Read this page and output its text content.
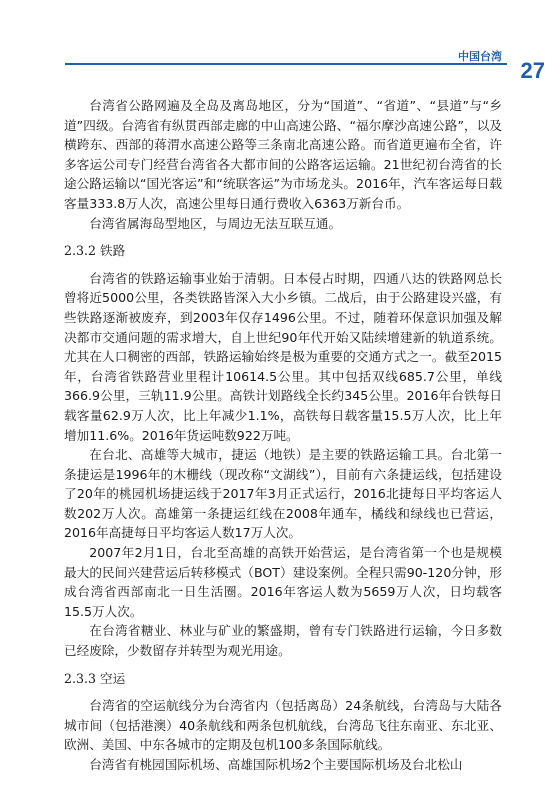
中国台湾
27

台湾省公路网遍及全岛及离岛地区，分为“国道”、“省道”、“县道”与“乡道”四级。台湾省有纵贯西部走廊的中山高速公路、“福尔摩沙高速公路”，以及横跨东、西部的蒋渭水高速公路等三条南北高速公路。而省道更遍布全省，许多客运公司专门经营台湾省各大都市间的公路客运运输。21世纪初台湾省的长途公路运输以“国光客运”和“统联客运”为市场龙头。2016年，汽车客运每日载客量333.8万人次，高速公里每日通行费收入6363万新台币。

台湾省属海岛型地区，与周边无法互联互通。

2.3.2 铁路

台湾省的铁路运输事业始于清朝。日本侵占时期，四通八达的铁路网总长曾将近5000公里，各类铁路皆深入大小乡镇。二战后，由于公路建设兴盛，有些铁路逐渐被废弃，到2003年仅存1496公里。不过，随着环保意识加强及解决都市交通问题的需求增大，自上世纪90年代开始又陆续增建新的轨道系统。尤其在人口稠密的西部，铁路运输始终是极为重要的交通方式之一。截至2015年，台湾省铁路营业里程计10614.5公里。其中包括双线685.7公里，单线366.9公里，三轨11.9公里。高铁计划路线全长约345公里。2016年台铁每日载客量62.9万人次，比上年减少1.1%，高铁每日载客量15.5万人次，比上年增加11.6%。2016年货运吨数922万吨。

在台北、高雄等大城市，捷运（地铁）是主要的铁路运输工具。台北第一条捷运是1996年的木栅线（现改称“文湖线”），目前有六条捷运线，包括建设了20年的桃园机场捷运线于2017年3月正式运行，2016北捷每日平均客运人数202万人次。高雄第一条捷运红线在2008年通车，橘线和绿线也已营运，2016年高捷每日平均客运人数17万人次。

2007年2月1日，台北至高雄的高铁开始营运，是台湾省第一个也是规模最大的民间兴建营运后转移模式（BOT）建设案例。全程只需90-120分钟，形成台湾省西部南北一日生活圈。2016年客运人数为5659万人次，日均载客15.5万人次。

在台湾省糖业、林业与矿业的繁盛期，曾有专门铁路进行运输，今日多数已经废除，少数留存并转型为观光用途。

2.3.3 空运

台湾省的空运航线分为台湾省内（包括离岛）24条航线，台湾岛与大陆各城市间（包括港澳）40条航线和两条包机航线，台湾岛飞往东南亚、东北亚、欧洲、美国、中东各城市的定期及包机100多条国际航线。

台湾省有桃园国际机场、高雄国际机场2个主要国际机场及台北松山
